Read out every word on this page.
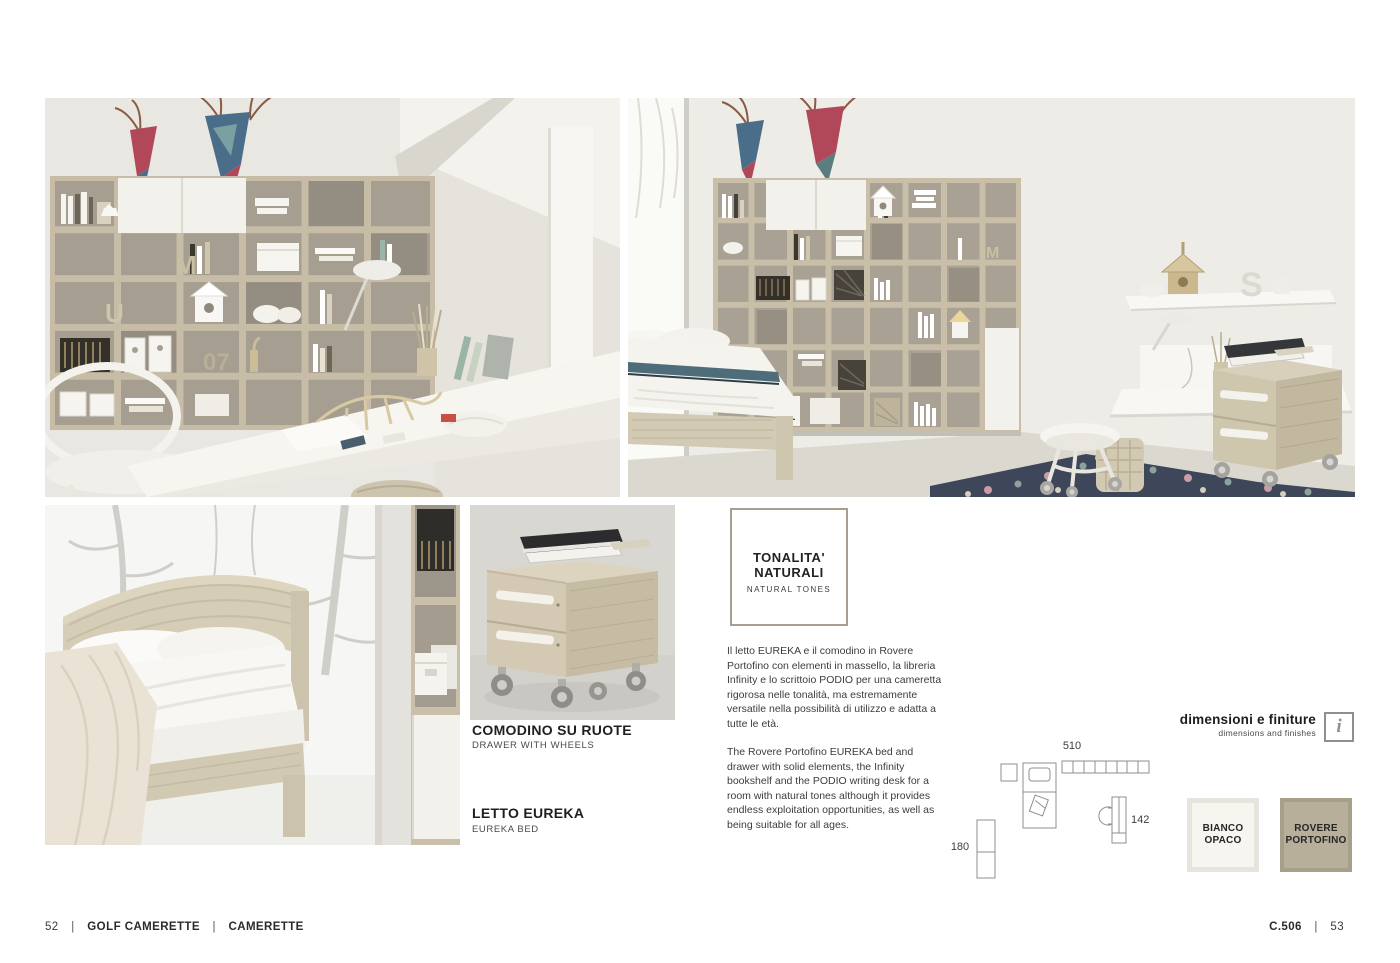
M
U
07
M
S
TONALITA'
NATURALI
NATURAL TONES
COMODINO SU RUOTE
DRAWER WITH WHEELS
LETTO EUREKA
EUREKA BED
Il letto EUREKA e il comodino in Rovere Portofino con elementi in massello, la libreria Infinity e lo scrittoio PODIO per una cameretta rigorosa nelle tonalità, ma estremamente versatile nella possibilità di utilizzo e adatta a tutte le età.
The Rovere Portofino EUREKA bed and drawer with solid elements, the Infinity bookshelf and the PODIO writing desk for a room with natural tones although it provides endless exploitation opportunities, as well as being suitable for all ages.
dimensioni e finiture
dimensions and finishes	i
510
142
180
BIANCO
OPACO
ROVERE
PORTOFINO
52 | GOLF CAMERETTE | CAMERETTE	C.506 | 53
